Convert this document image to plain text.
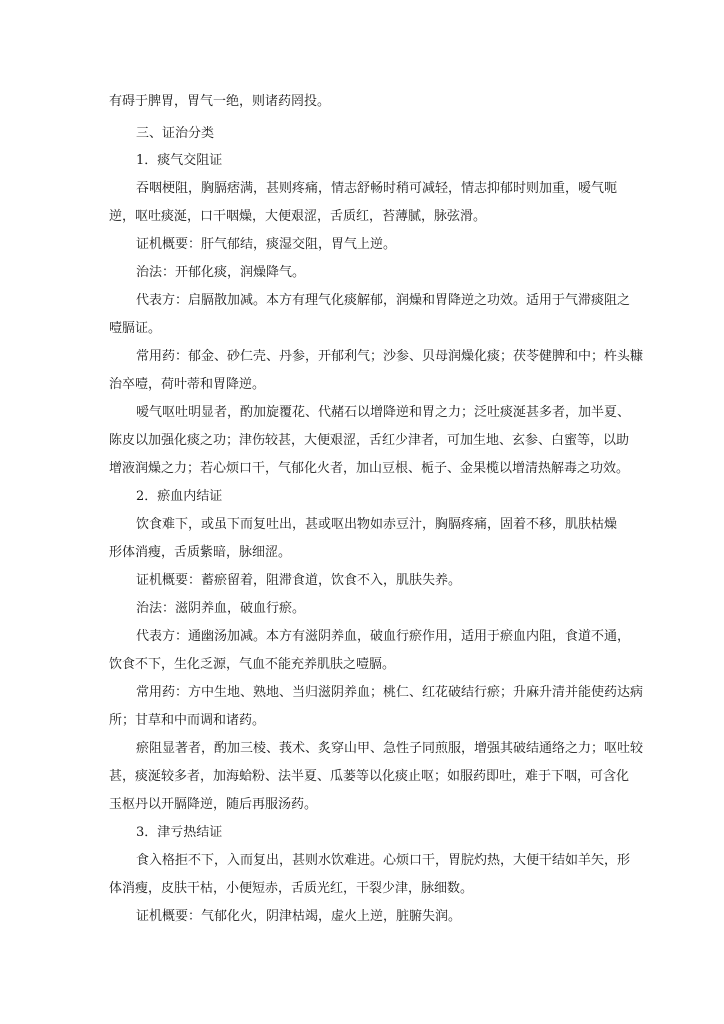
有碍于脾胃，胃气一绝，则诸药罔投。
三、证治分类
1．痰气交阻证
吞咽梗阻，胸膈痞满，甚则疼痛，情志舒畅时稍可减轻，情志抑郁时则加重，嗳气呃
逆，呕吐痰涎，口干咽燥，大便艰涩，舌质红，苔薄腻，脉弦滑。
证机概要：肝气郁结，痰湿交阻，胃气上逆。
治法：开郁化痰，润燥降气。
代表方：启膈散加减。本方有理气化痰解郁，润燥和胃降逆之功效。适用于气滞痰阻之
噎膈证。
常用药：郁金、砂仁壳、丹参，开郁利气；沙参、贝母润燥化痰；茯苓健脾和中；杵头糠
治卒噎，荷叶蒂和胃降逆。
嗳气呕吐明显者，酌加旋覆花、代赭石以增降逆和胃之力；泛吐痰涎甚多者，加半夏、
陈皮以加强化痰之功；津伤较甚，大便艰涩，舌红少津者，可加生地、玄参、白蜜等，以助
增液润燥之力；若心烦口干，气郁化火者，加山豆根、栀子、金果榄以增清热解毒之功效。
2．瘀血内结证
饮食难下，或虽下而复吐出，甚或呕出物如赤豆汁，胸膈疼痛，固着不移，肌肤枯燥
形体消瘦，舌质紫暗，脉细涩。
证机概要：蓄瘀留着，阻滞食道，饮食不入，肌肤失养。
治法：滋阴养血，破血行瘀。
代表方：通幽汤加减。本方有滋阴养血，破血行瘀作用，适用于瘀血内阻，食道不通，
饮食不下，生化乏源，气血不能充养肌肤之噎膈。
常用药：方中生地、熟地、当归滋阴养血；桃仁、红花破结行瘀；升麻升清并能使药达病
所；甘草和中而调和诸药。
瘀阻显著者，酌加三棱、莪术、炙穿山甲、急性子同煎服，增强其破结通络之力；呕吐较
甚，痰涎较多者，加海蛤粉、法半夏、瓜蒌等以化痰止呕；如服药即吐，难于下咽，可含化
玉枢丹以开膈降逆，随后再服汤药。
3．津亏热结证
食入格拒不下，入而复出，甚则水饮难进。心烦口干，胃脘灼热，大便干结如羊矢，形
体消瘦，皮肤干枯，小便短赤，舌质光红，干裂少津，脉细数。
证机概要：气郁化火，阴津枯竭，虚火上逆，脏腑失润。
